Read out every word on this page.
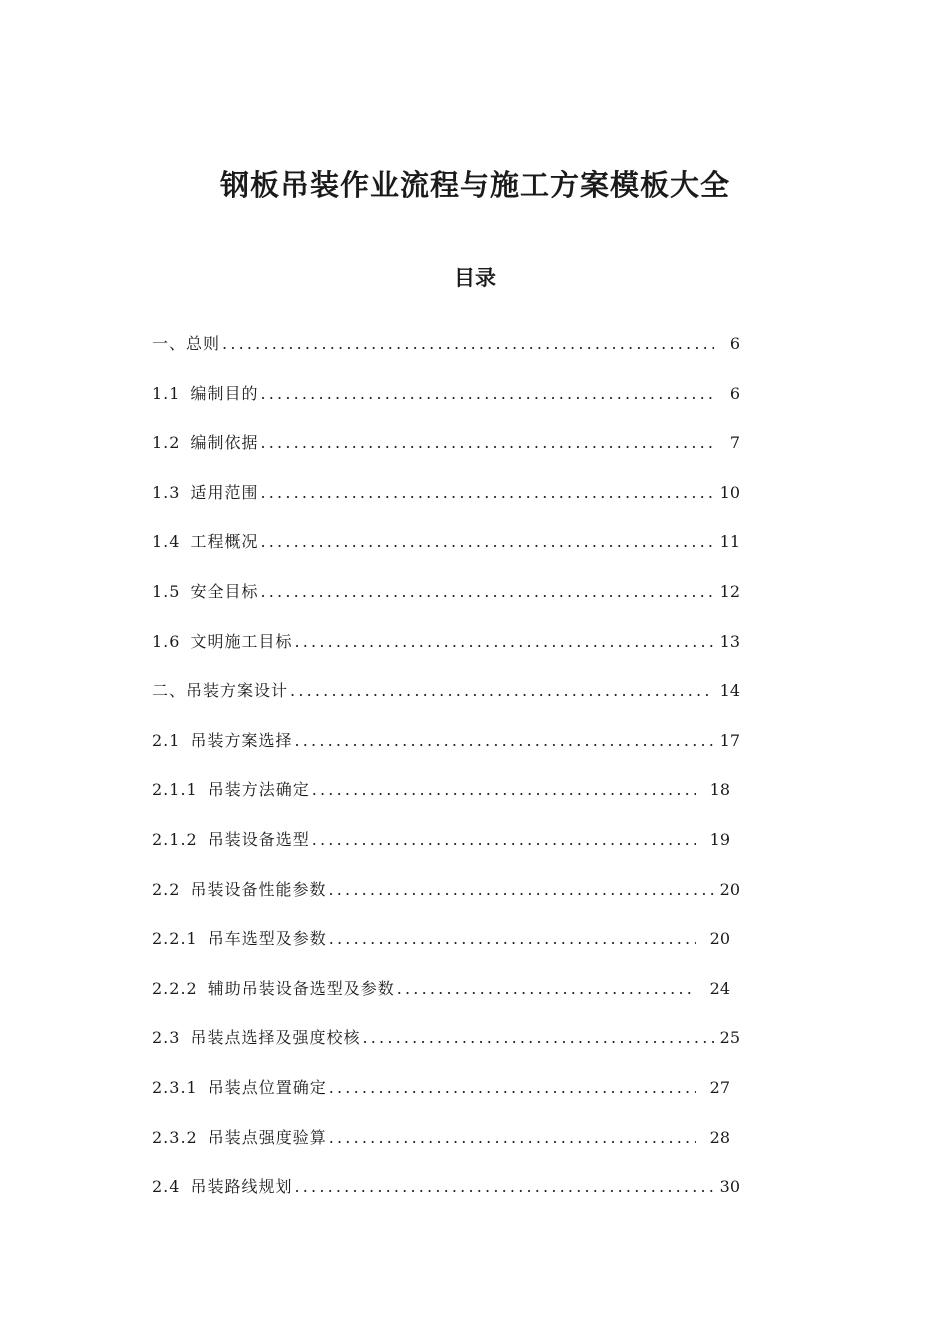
钢板吊装作业流程与施工方案模板大全
目录
一、 总则 .....	6
1.1 编制目的 .....	6
1.2 编制依据 .....	7
1.3 适用范围 .....	10
1.4 工程概况 .....	11
1.5 安全目标 .....	12
1.6 文明施工目标 .....	13
二、 吊装方案设计 .....	14
2.1 吊装方案选择 .....	17
2.1.1 吊装方法确定 .....	18
2.1.2 吊装设备选型 .....	19
2.2 吊装设备性能参数 .....	20
2.2.1 吊车选型及参数 .....	20
2.2.2 辅助吊装设备选型及参数 .....	24
2.3 吊装点选择及强度校核 .....	25
2.3.1 吊装点位置确定 .....	27
2.3.2 吊装点强度验算 .....	28
2.4 吊装路线规划 .....	30
